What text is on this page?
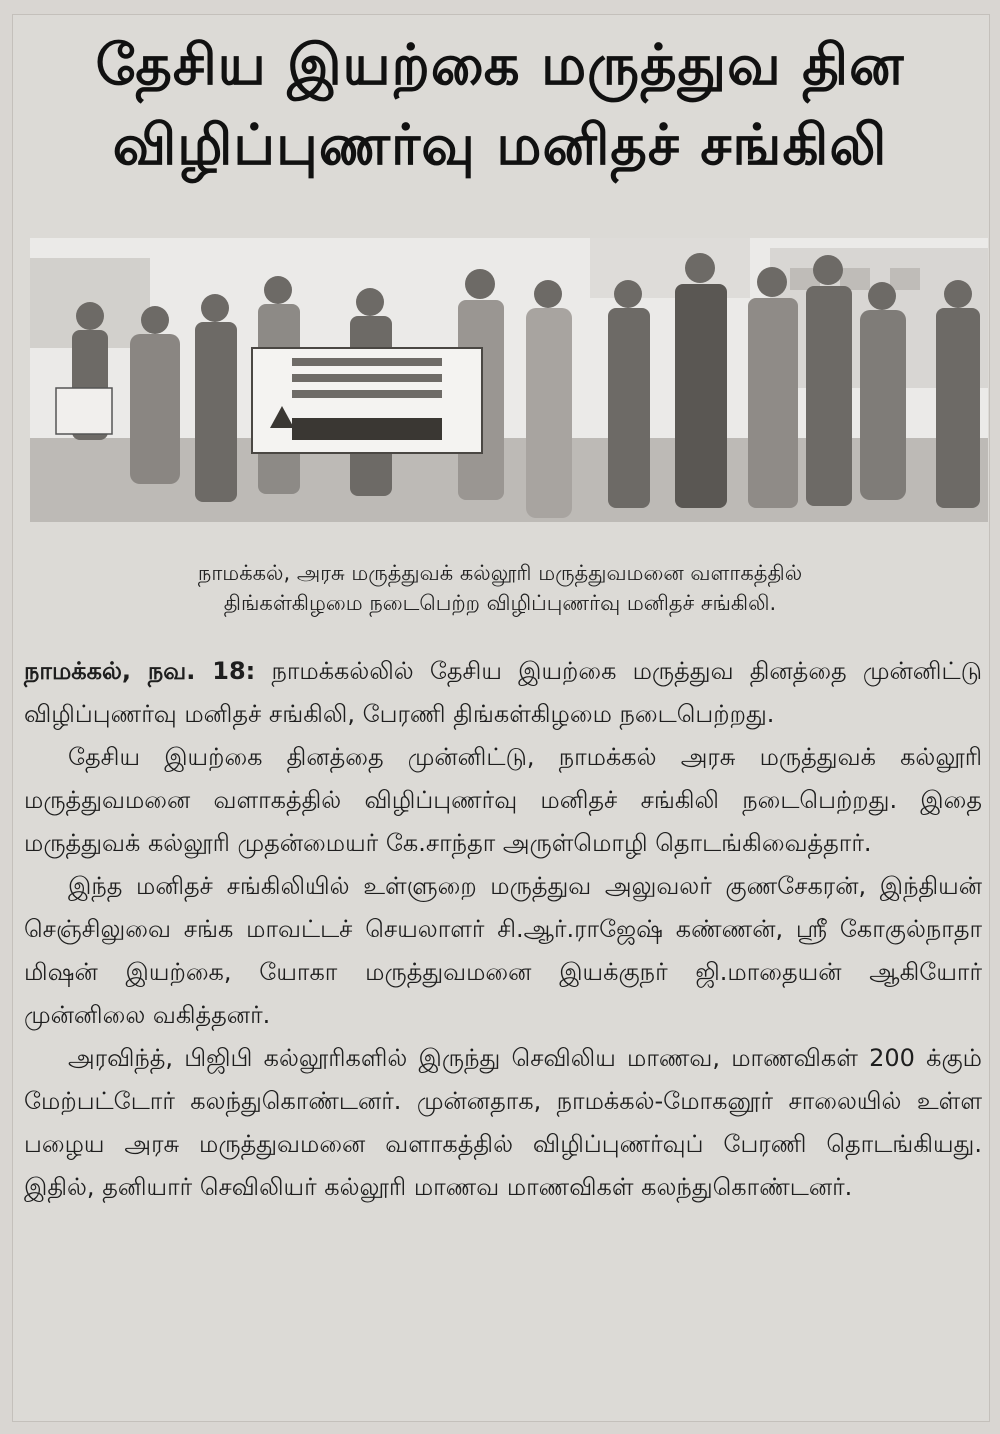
தேசிய இயற்கை மருத்துவ தின
விழிப்புணர்வு மனிதச் சங்கிலி
நாமக்கல், அரசு மருத்துவக் கல்லூரி மருத்துவமனை வளாகத்தில்
திங்கள்கிழமை நடைபெற்ற விழிப்புணர்வு மனிதச் சங்கிலி.

நாமக்கல், நவ. 18: நாமக்கல்லில் தேசிய இயற்கை மருத்துவ தினத்தை முன்னிட்டு விழிப்புணர்வு மனிதச் சங்கிலி, பேரணி திங்கள்கிழமை நடைபெற்றது.

தேசிய இயற்கை தினத்தை முன்னிட்டு, நாமக்கல் அரசு மருத்துவக் கல்லூரி மருத்துவமனை வளாகத்தில் விழிப்புணர்வு மனிதச் சங்கிலி நடைபெற்றது. இதை மருத்துவக் கல்லூரி முதன்மையர் கே.சாந்தா அருள்மொழி தொடங்கிவைத்தார்.

இந்த மனிதச் சங்கிலியில் உள்ளுறை மருத்துவ அலுவலர் குணசேகரன், இந்தியன் செஞ்சிலுவை சங்க மாவட்டச் செயலாளர் சி.ஆர்.ராஜேஷ் கண்ணன், ஸ்ரீ கோகுல்நாதா மிஷன் இயற்கை, யோகா மருத்துவமனை இயக்குநர் ஜி.மாதையன் ஆகியோர் முன்னிலை வகித்தனர்.

அரவிந்த், பிஜிபி கல்லூரிகளில் இருந்து செவிலிய மாணவ, மாணவிகள் 200 க்கும் மேற்பட்டோர் கலந்துகொண்டனர். முன்னதாக, நாமக்கல்-மோகனூர் சாலையில் உள்ள பழைய அரசு மருத்துவமனை வளாகத்தில் விழிப்புணர்வுப் பேரணி தொடங்கியது. இதில், தனியார் செவிலியர் கல்லூரி மாணவ மாணவிகள் கலந்துகொண்டனர்.
